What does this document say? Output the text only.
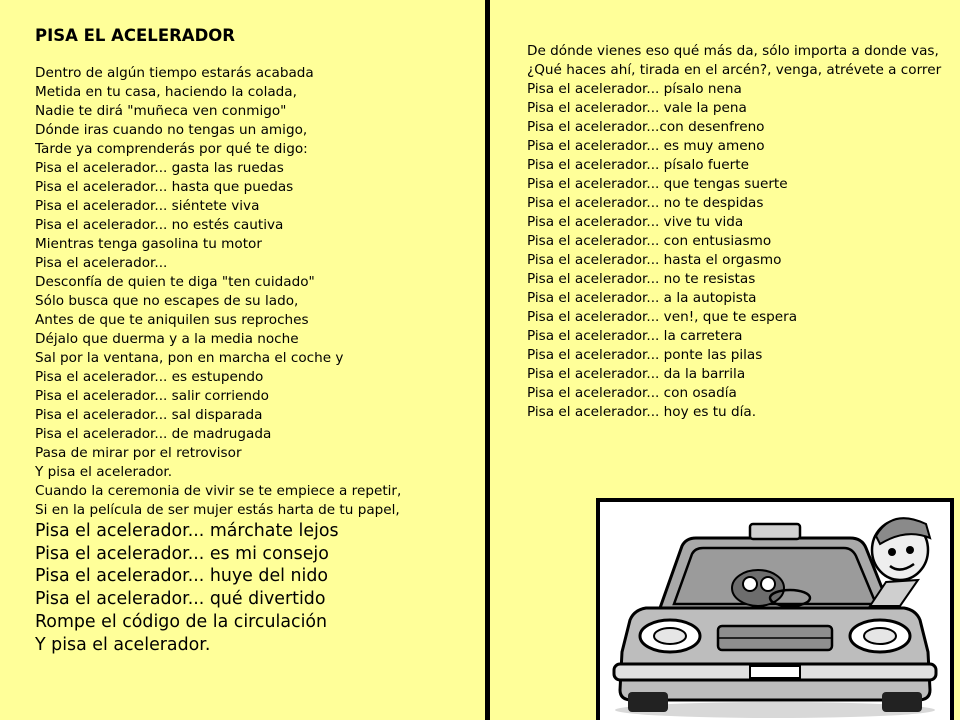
PISA EL ACELERADOR
Dentro de algún tiempo estarás acabada
Metida en tu casa, haciendo la colada,
Nadie te dirá "muñeca ven conmigo"
Dónde iras cuando no tengas un amigo,
Tarde ya comprenderás por qué te digo:
Pisa el acelerador... gasta las ruedas
Pisa el acelerador... hasta que puedas
Pisa el acelerador... siéntete viva
Pisa el acelerador... no estés cautiva
Mientras tenga gasolina tu motor
Pisa el acelerador...
Desconfía de quien te diga "ten cuidado"
Sólo busca que no escapes de su lado,
Antes de que te aniquilen sus reproches
Déjalo que duerma y a la media noche
Sal por la ventana, pon en marcha el coche y
Pisa el acelerador... es estupendo
Pisa el acelerador... salir corriendo
Pisa el acelerador... sal disparada
Pisa el acelerador... de madrugada
Pasa de mirar por el retrovisor
Y pisa el acelerador.
Cuando la ceremonia de vivir se te empiece a repetir,
Si en la película de ser mujer estás harta de tu papel,
Pisa el acelerador... márchate lejos
Pisa el acelerador... es mi consejo
Pisa el acelerador... huye del nido
Pisa el acelerador... qué divertido
Rompe el código de la circulación
Y pisa el acelerador.
De dónde vienes eso qué más da, sólo importa a donde vas,
¿Qué haces ahí, tirada en el arcén?, venga, atrévete a correr
Pisa el acelerador... písalo nena
Pisa el acelerador... vale la pena
Pisa el acelerador...con desenfreno
Pisa el acelerador... es muy ameno
Pisa el acelerador... písalo fuerte
Pisa el acelerador... que tengas suerte
Pisa el acelerador... no te despidas
Pisa el acelerador... vive tu vida
Pisa el acelerador... con entusiasmo
Pisa el acelerador... hasta el orgasmo
Pisa el acelerador... no te resistas
Pisa el acelerador... a la autopista
Pisa el acelerador... ven!, que te espera
Pisa el acelerador... la carretera
Pisa el acelerador... ponte las pilas
Pisa el acelerador... da la barrila
Pisa el acelerador... con osadía
Pisa el acelerador... hoy es tu día.
